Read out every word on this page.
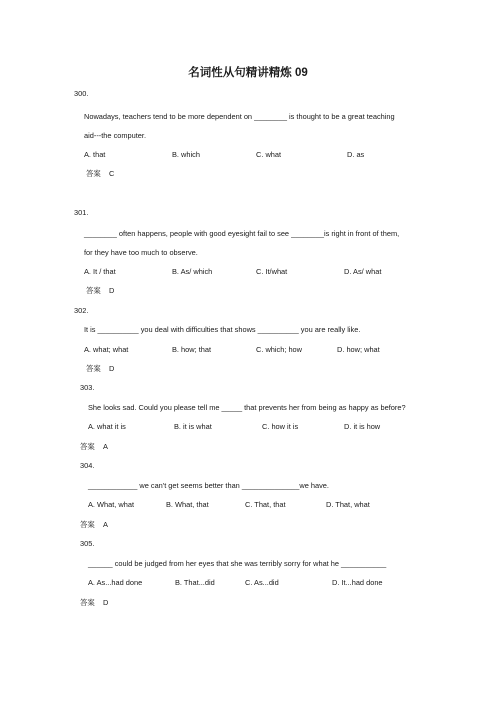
名词性从句精讲精炼 09
300.
Nowadays, teachers tend to be more dependent on ________ is thought to be a great teaching
aid---the computer.
A. that	B. which	C. what	D. as
答案 C
301.
________ often happens, people with good eyesight fail to see ________is right in front of them,
for they have too much to observe.
A. It / that	B. As/ which	C. It/what	D. As/ what
答案 D
302.
It is __________ you deal with difficulties that shows __________ you are really like.
A. what; what	B. how; that	C. which; how	D. how; what
答案 D
303.
She looks sad. Could you please tell me _____ that prevents her from being as happy as before?
A. what it is	B. it is what	C. how it is	D. it is how
答案 A
304.
____________ we can't get seems better than ______________we have.
A. What, what	B. What, that	C. That, that	D. That, what
答案 A
305.
______ could be judged from her eyes that she was terribly sorry for what he ___________
A. As...had done	B. That...did	C. As...did	D. It...had done
答案 D
